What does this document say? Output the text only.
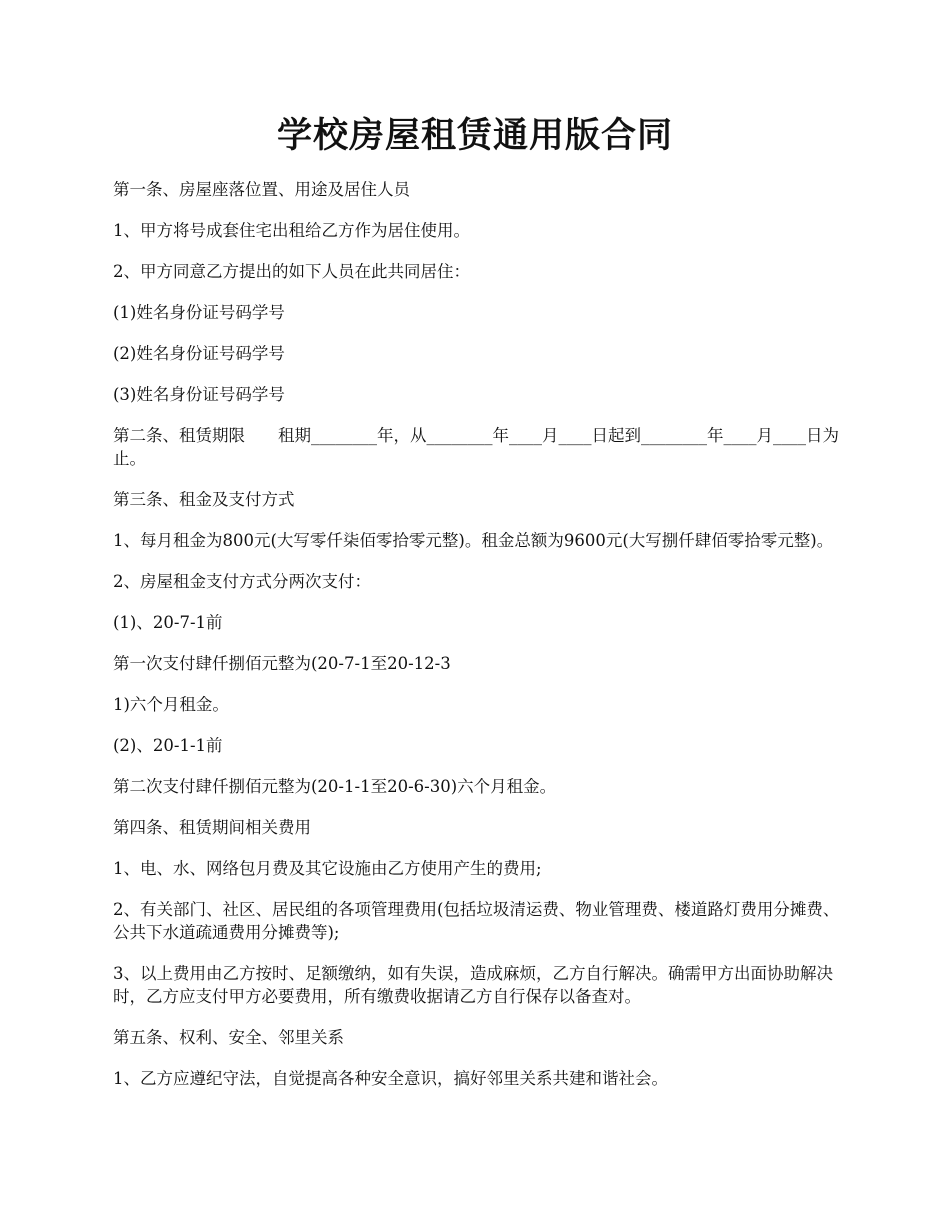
学校房屋租赁通用版合同

第一条、房屋座落位置、用途及居住人员

1、甲方将号成套住宅出租给乙方作为居住使用。

2、甲方同意乙方提出的如下人员在此共同居住：

(1)姓名身份证号码学号

(2)姓名身份证号码学号

(3)姓名身份证号码学号

第二条、租赁期限　　租期________年，从________年____月____日起到________年____月____日为止。

第三条、租金及支付方式

1、每月租金为800元(大写零仟柒佰零拾零元整)。租金总额为9600元(大写捌仟肆佰零拾零元整)。

2、房屋租金支付方式分两次支付：

(1)、20-7-1前

第一次支付肆仟捌佰元整为(20-7-1至20-12-3

1)六个月租金。

(2)、20-1-1前

第二次支付肆仟捌佰元整为(20-1-1至20-6-30)六个月租金。

第四条、租赁期间相关费用

1、电、水、网络包月费及其它设施由乙方使用产生的费用;

2、有关部门、社区、居民组的各项管理费用(包括垃圾清运费、物业管理费、楼道路灯费用分摊费、公共下水道疏通费用分摊费等);

3、以上费用由乙方按时、足额缴纳，如有失误，造成麻烦，乙方自行解决。确需甲方出面协助解决时，乙方应支付甲方必要费用，所有缴费收据请乙方自行保存以备查对。

第五条、权利、安全、邻里关系

1、乙方应遵纪守法，自觉提高各种安全意识，搞好邻里关系共建和谐社会。
